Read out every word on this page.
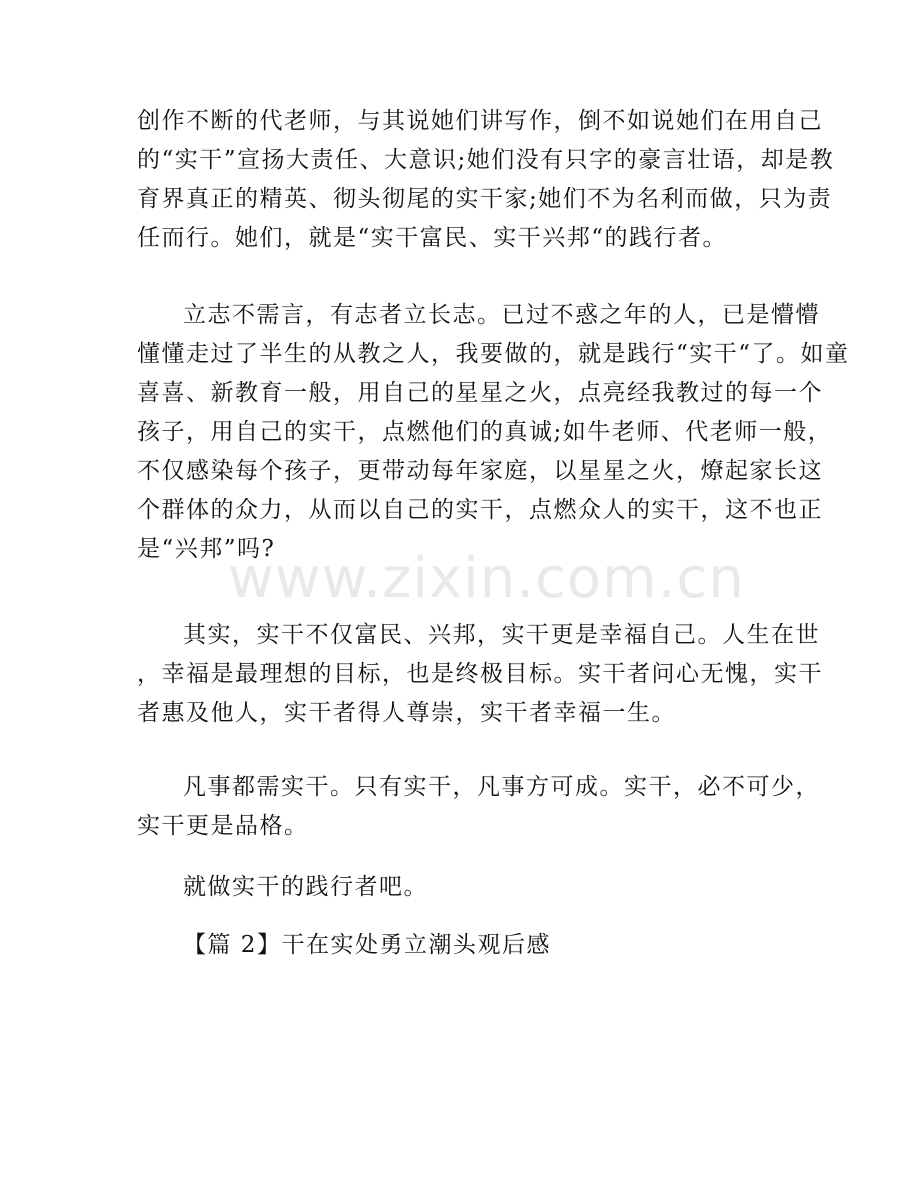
创作不断的代老师，与其说她们讲写作，倒不如说她们在用自己
的“实干”宣扬大责任、大意识;她们没有只字的豪言壮语，却是教
育界真正的精英、彻头彻尾的实干家;她们不为名利而做，只为责
任而行。她们，就是“实干富民、实干兴邦“的践行者。
立志不需言，有志者立长志。已过不惑之年的人，已是懵懵
懂懂走过了半生的从教之人，我要做的，就是践行“实干“了。如童
喜喜、新教育一般，用自己的星星之火，点亮经我教过的每一个
孩子，用自己的实干，点燃他们的真诚;如牛老师、代老师一般，
不仅感染每个孩子，更带动每年家庭，以星星之火，燎起家长这
个群体的众力，从而以自己的实干，点燃众人的实干，这不也正
是“兴邦”吗?
其实，实干不仅富民、兴邦，实干更是幸福自己。人生在世
，幸福是最理想的目标，也是终极目标。实干者问心无愧，实干
者惠及他人，实干者得人尊崇，实干者幸福一生。
凡事都需实干。只有实干，凡事方可成。实干，必不可少，
实干更是品格。
就做实干的践行者吧。
【篇 2】干在实处勇立潮头观后感
www.zixin.com.cn
